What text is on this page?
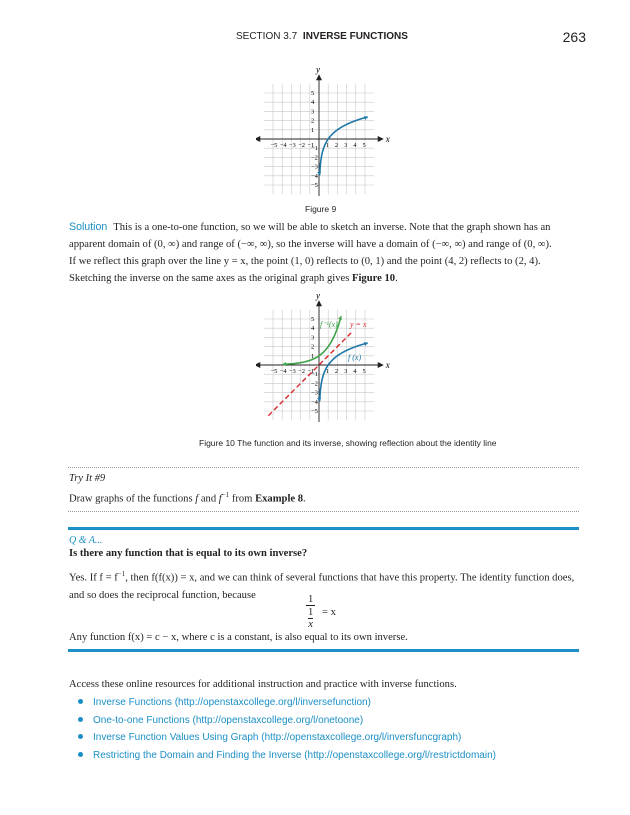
SECTION 3.7 INVERSE FUNCTIONS	263
x
y
−5 −4 −3 −2 −1 1 2 3 4 5
5
4
3
2
1
−1
−2
−3
−4
−5
Figure 9
Solution This is a one-to-one function, so we will be able to sketch an inverse. Note that the graph shown has an apparent domain of (0, ∞) and range of (−∞, ∞), so the inverse will have a domain of (−∞, ∞) and range of (0, ∞).
If we reflect this graph over the line y = x, the point (1, 0) reflects to (0, 1) and the point (4, 2) reflects to (2, 4). Sketching the inverse on the same axes as the original graph gives Figure 10.
x
y
−5 −4 −3 −2 −1 1 2 3 4 5
5
4
3
2
1
−1
−2
−3
−4
−5
f⁻¹(x) y = x
f (x)
Figure 10 The function and its inverse, showing reflection about the identity line
Try It #9
Draw graphs of the functions f and $f^{-1}$ from Example 8.
Q & A...
Is there any function that is equal to its own inverse?
Yes. If $f = f^{-1}$, then f(f(x)) = x, and we can think of several functions that have this property. The identity function does, and so does the reciprocal function, because	$\frac{1}{\frac{1}{x}} = x$
Any function f(x) = c − x, where c is a constant, is also equal to its own inverse.
Access these online resources for additional instruction and practice with inverse functions.
Inverse Functions (http://openstaxcollege.org/l/inversefunction)
One-to-one Functions (http://openstaxcollege.org/l/onetoone)
Inverse Function Values Using Graph (http://openstaxcollege.org/l/inversfuncgraph)
Restricting the Domain and Finding the Inverse (http://openstaxcollege.org/l/restrictdomain)
